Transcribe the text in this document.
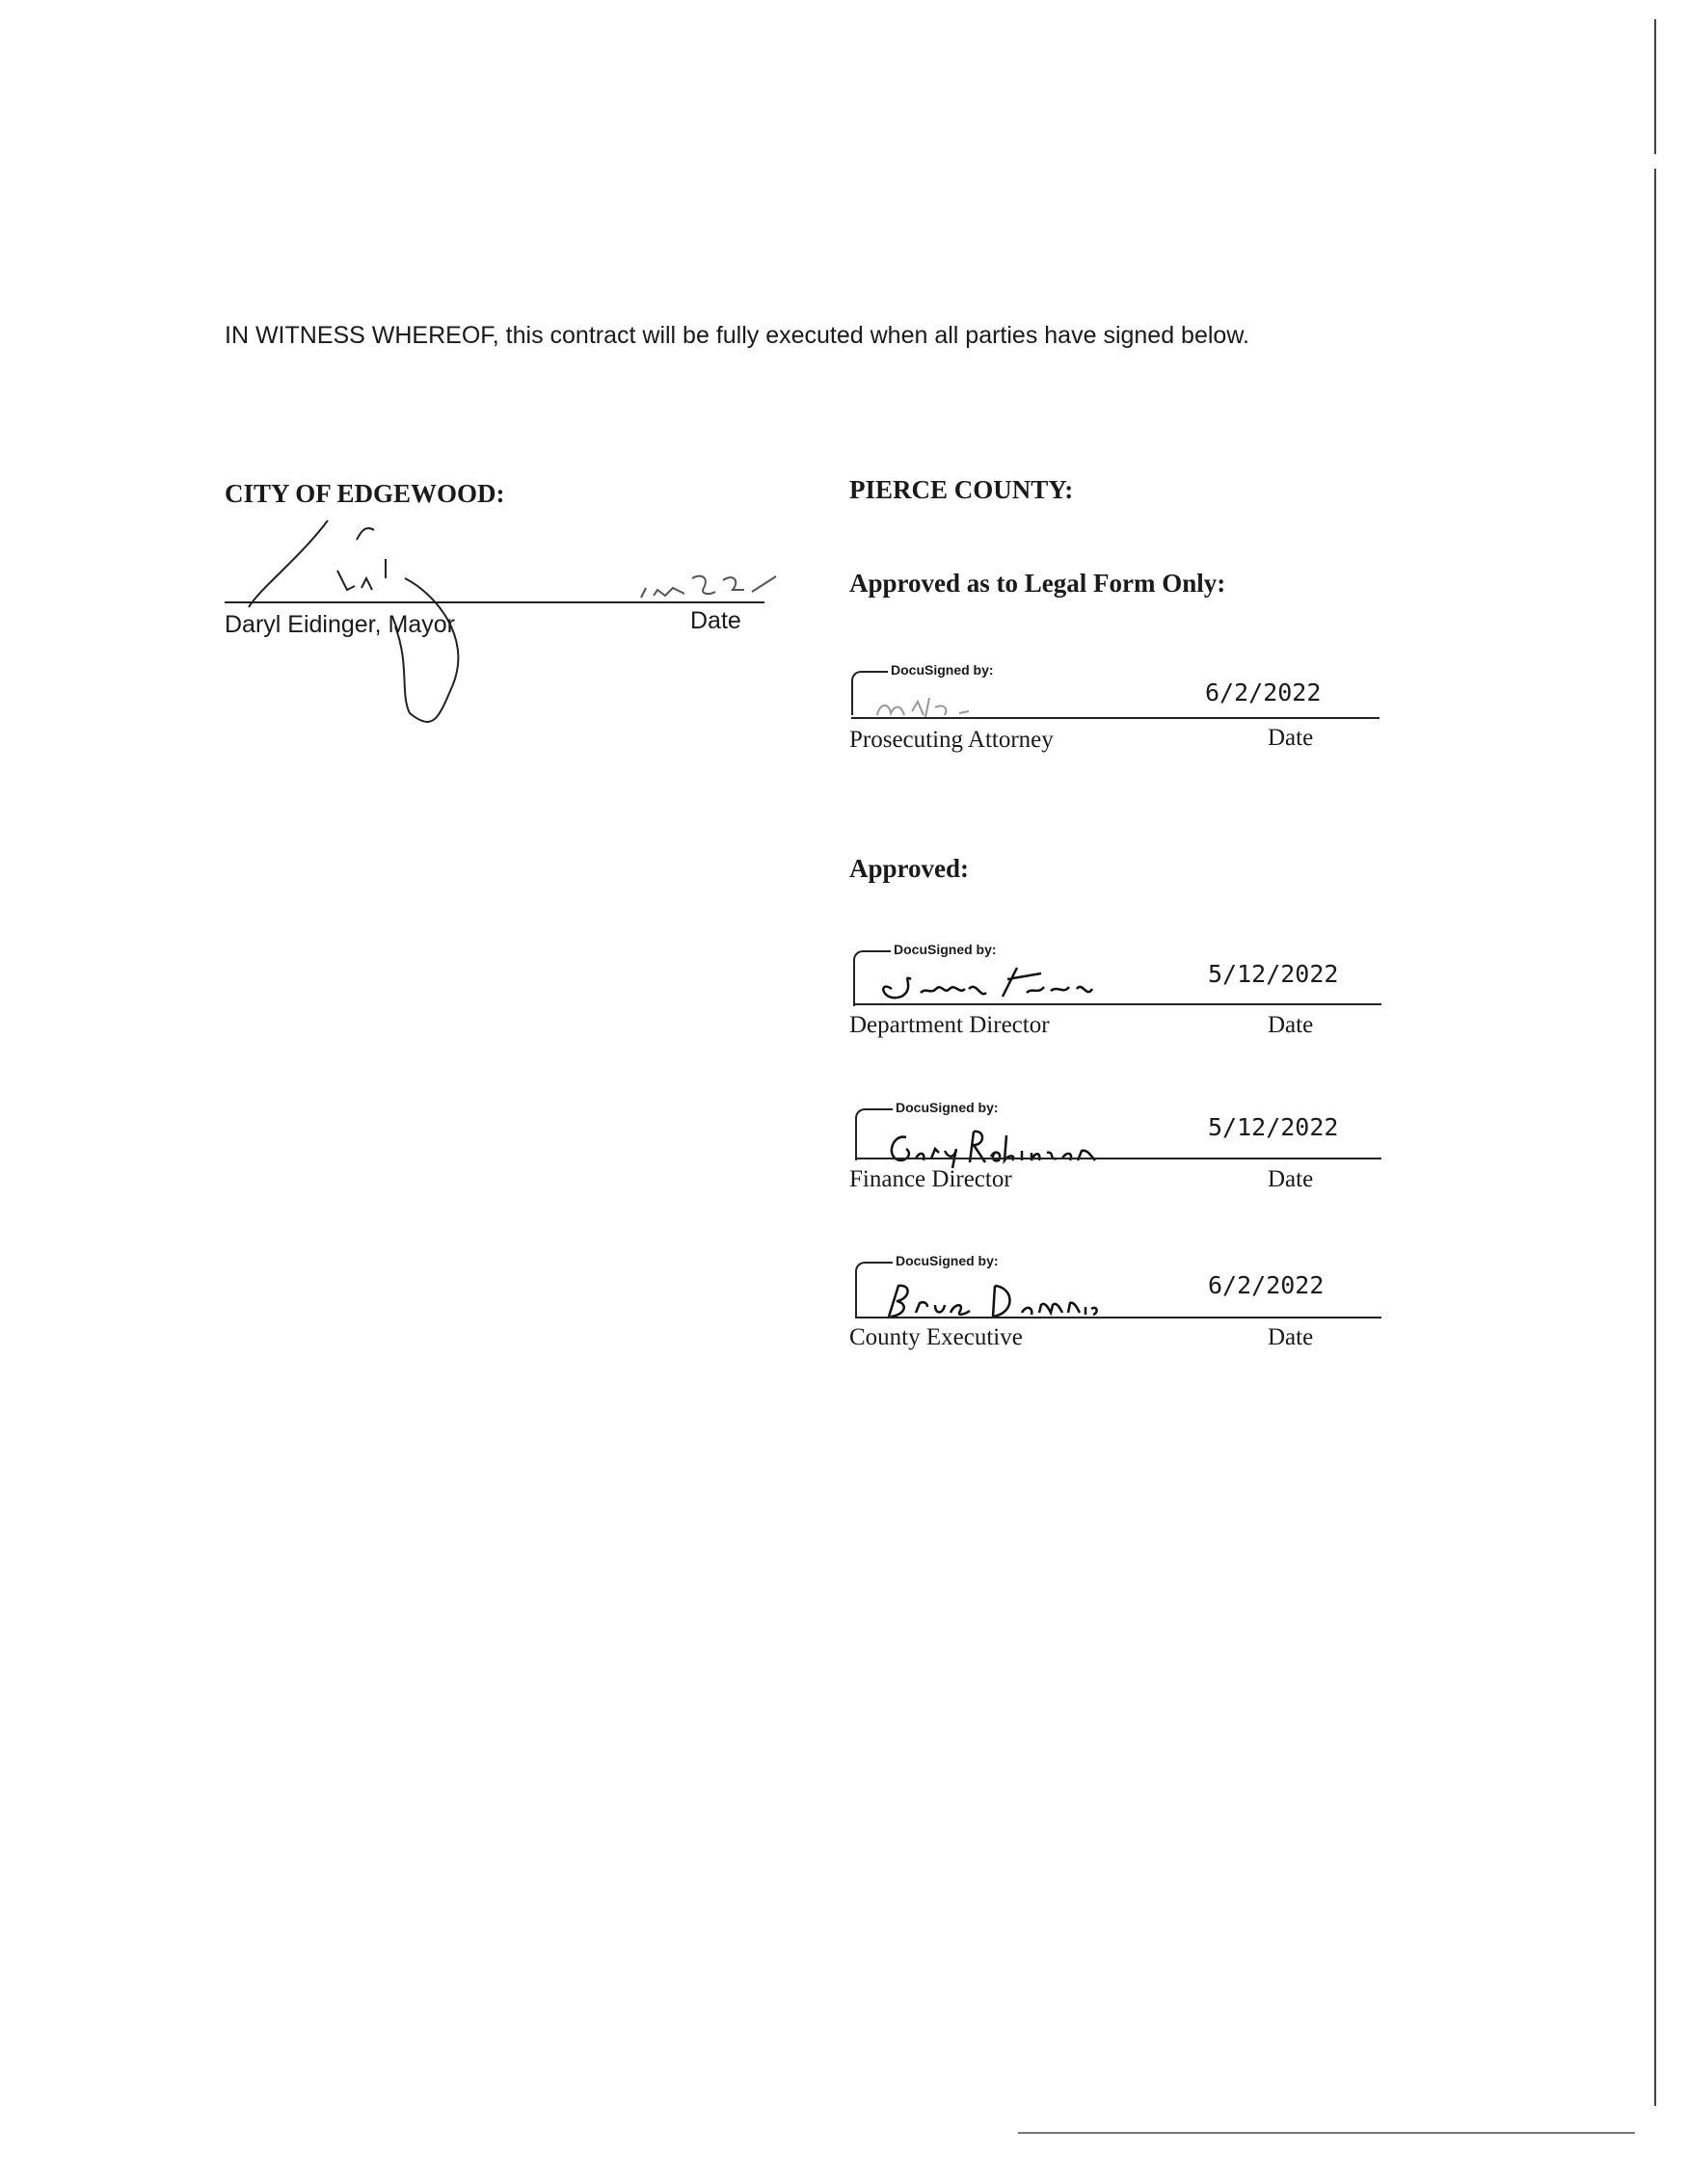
IN WITNESS WHEREOF, this contract will be fully executed when all parties have signed below.
CITY OF EDGEWOOD:
Daryl Eidinger, Mayor	Date
PIERCE COUNTY:
Approved as to Legal Form Only:
DocuSigned by:
6/2/2022
Prosecuting Attorney	Date
Approved:
DocuSigned by:
5/12/2022
Department Director	Date
DocuSigned by:
5/12/2022
Finance Director	Date
DocuSigned by:
6/2/2022
County Executive	Date
